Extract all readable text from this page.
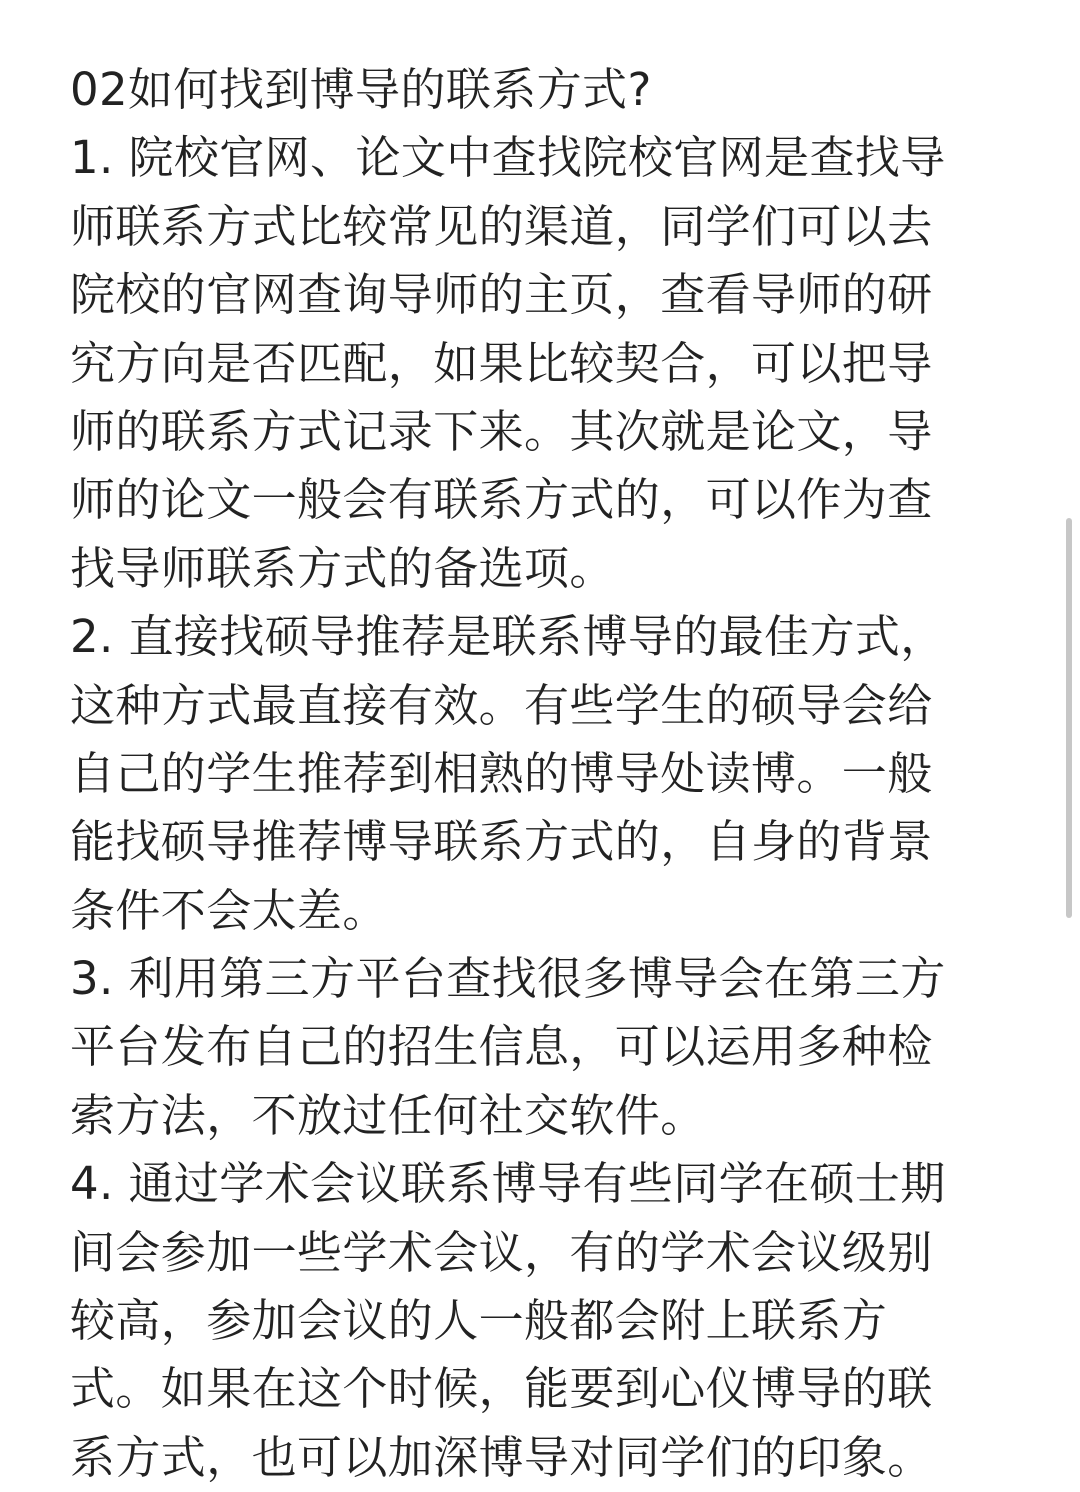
02如何找到博导的联系方式?
1. 院校官网、论文中查找院校官网是查找导
师联系方式比较常见的渠道，同学们可以去
院校的官网查询导师的主页，查看导师的研
究方向是否匹配，如果比较契合，可以把导
师的联系方式记录下来。其次就是论文，导
师的论文一般会有联系方式的，可以作为查
找导师联系方式的备选项。
2. 直接找硕导推荐是联系博导的最佳方式，
这种方式最直接有效。有些学生的硕导会给
自己的学生推荐到相熟的博导处读博。一般
能找硕导推荐博导联系方式的，自身的背景
条件不会太差。
3. 利用第三方平台查找很多博导会在第三方
平台发布自己的招生信息，可以运用多种检
索方法，不放过任何社交软件。
4. 通过学术会议联系博导有些同学在硕士期
间会参加一些学术会议，有的学术会议级别
较高，参加会议的人一般都会附上联系方
式。如果在这个时候，能要到心仪博导的联
系方式，也可以加深博导对同学们的印象。
